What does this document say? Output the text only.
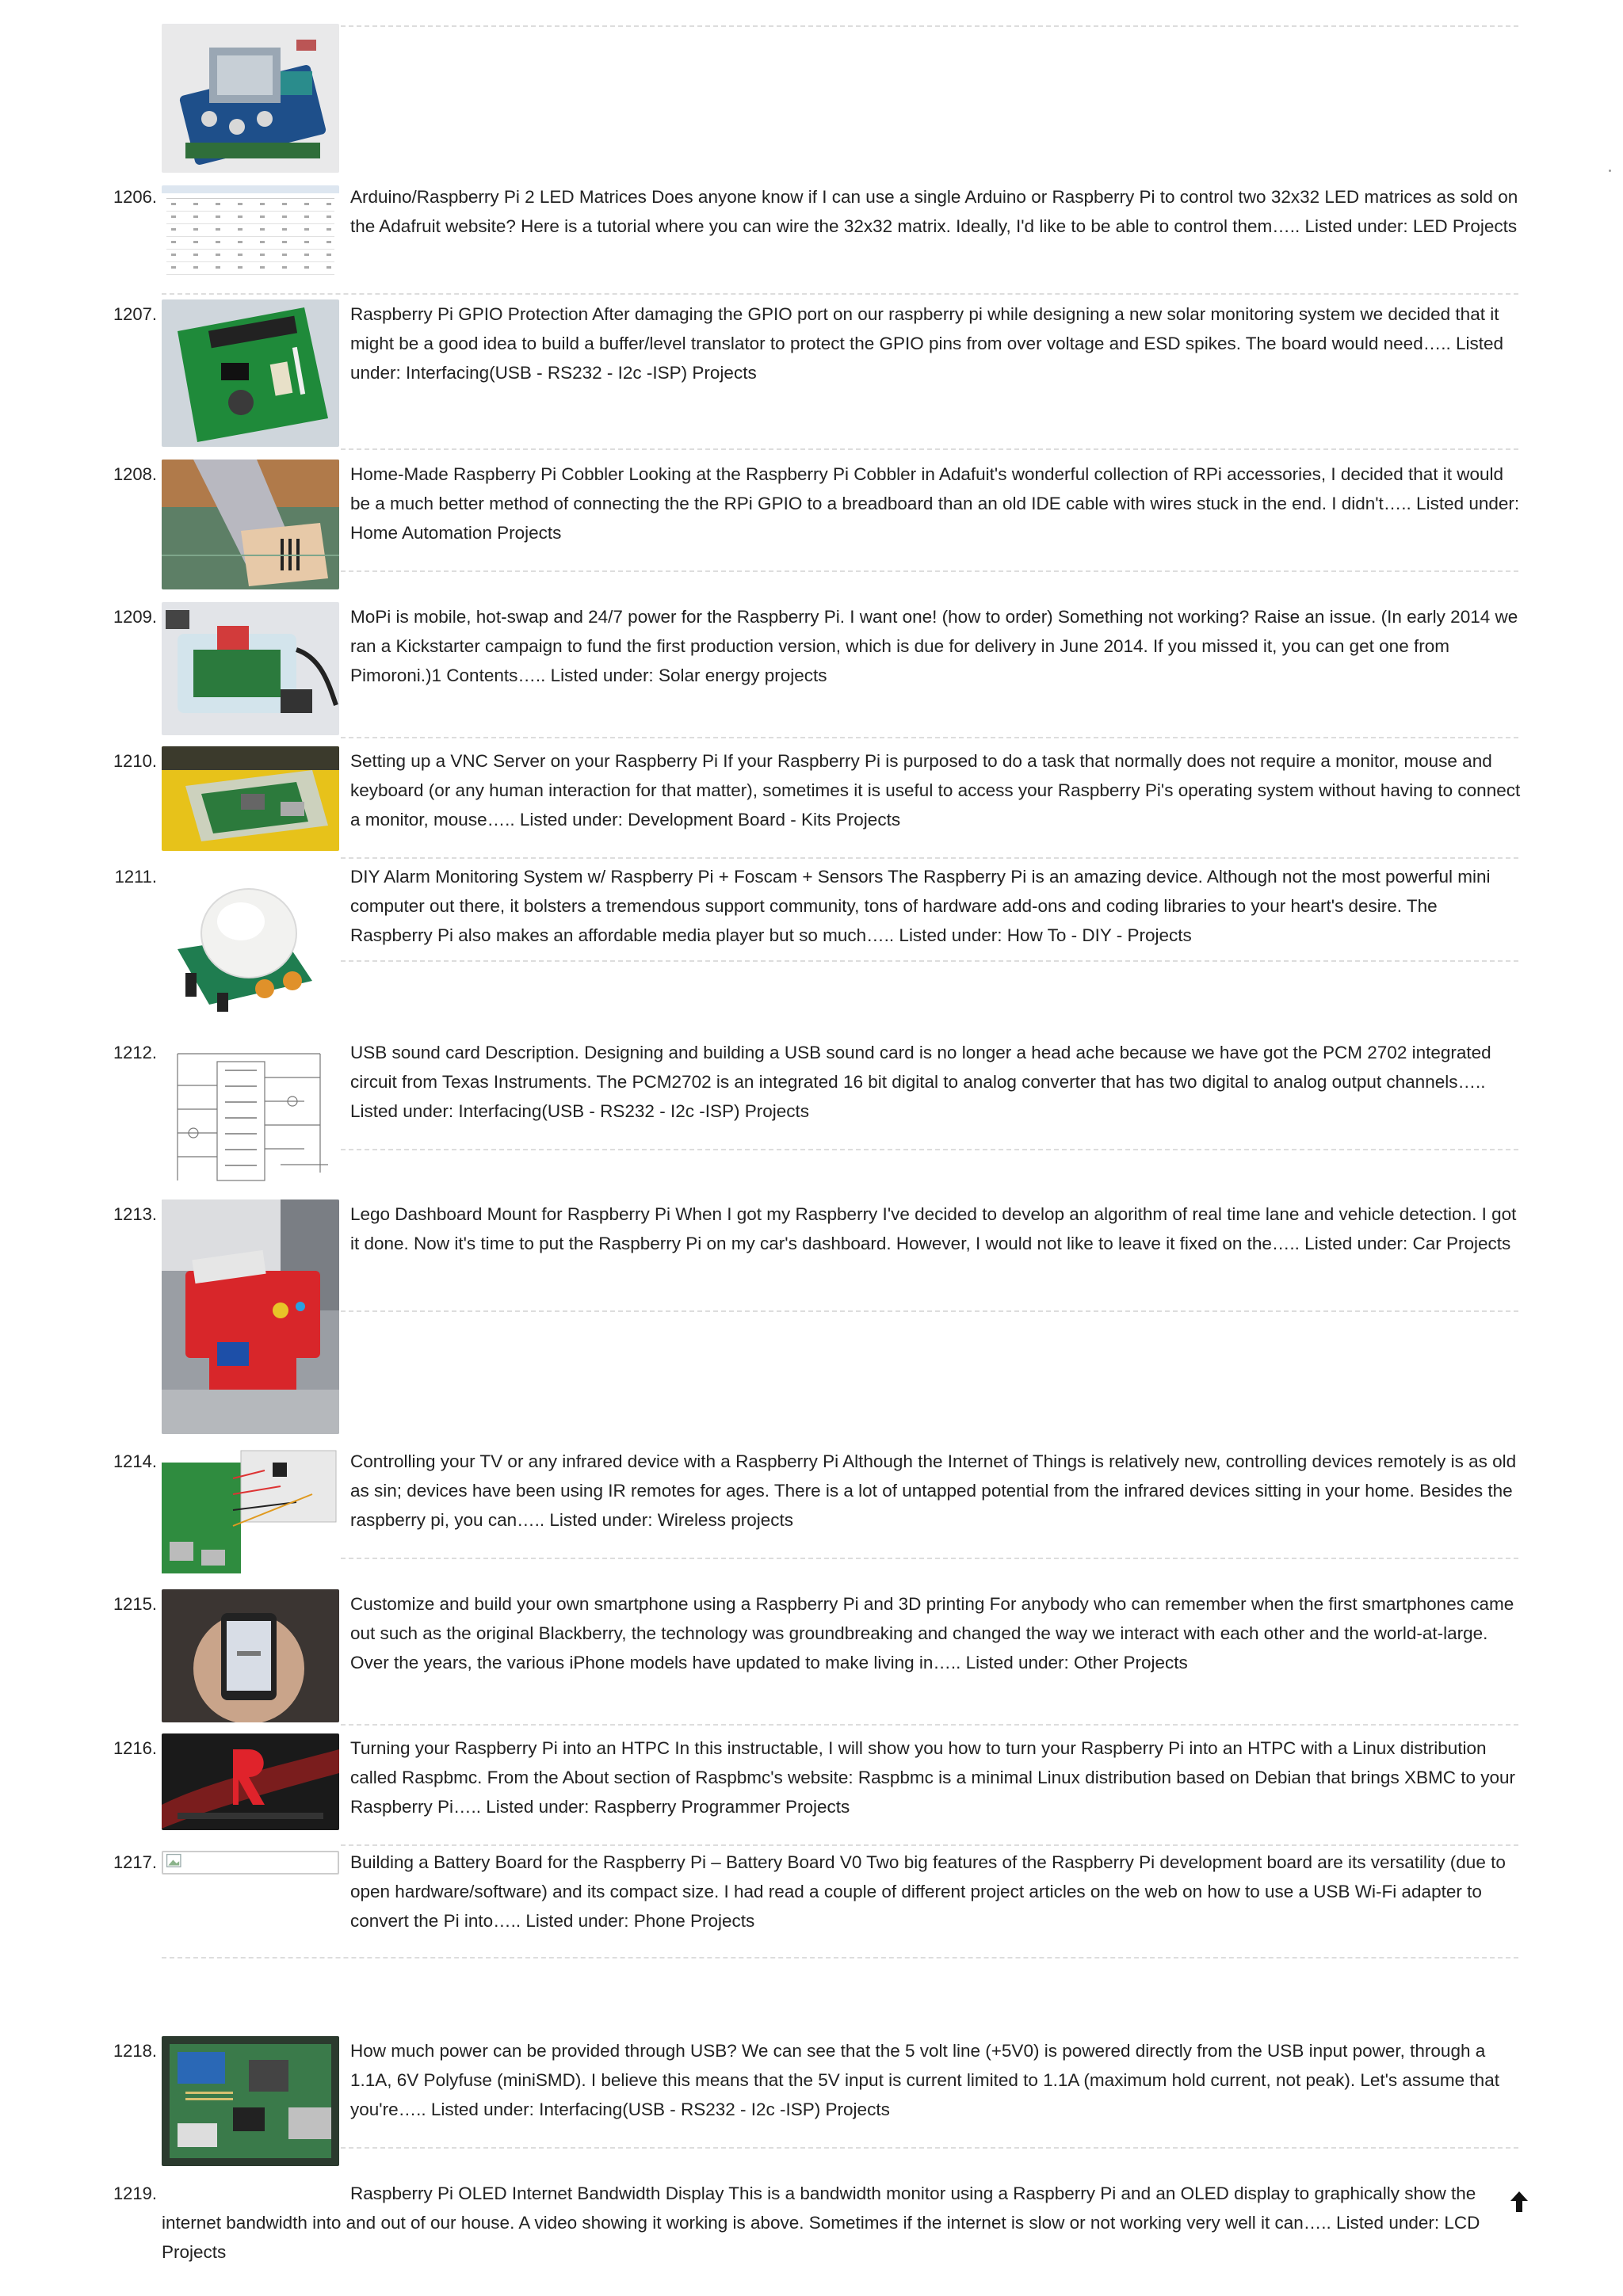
1206.	Arduino/Raspberry Pi 2 LED Matrices Does anyone know if I can use a single Arduino or Raspberry Pi to control two 32x32 LED matrices as sold on the Adafruit website? Here is a tutorial where you can wire the 32x32 matrix. Ideally, I'd like to be able to control them….. Listed under: LED Projects
1207.	Raspberry Pi GPIO Protection After damaging the GPIO port on our raspberry pi while designing a new solar monitoring system we decided that it might be a good idea to build a buffer/level translator to protect the GPIO pins from over voltage and ESD spikes. The board would need….. Listed under: Interfacing(USB - RS232 - I2c -ISP) Projects
1208.	Home-Made Raspberry Pi Cobbler Looking at the Raspberry Pi Cobbler in Adafuit's wonderful collection of RPi accessories, I decided that it would be a much better method of connecting the the RPi GPIO to a breadboard than an old IDE cable with wires stuck in the end. I didn't….. Listed under: Home Automation Projects
1209.	MoPi is mobile, hot-swap and 24/7 power for the Raspberry Pi. I want one! (how to order) Something not working? Raise an issue. (In early 2014 we ran a Kickstarter campaign to fund the first production version, which is due for delivery in June 2014. If you missed it, you can get one from Pimoroni.)1 Contents….. Listed under: Solar energy projects
1210.	Setting up a VNC Server on your Raspberry Pi If your Raspberry Pi is purposed to do a task that normally does not require a monitor, mouse and keyboard (or any human interaction for that matter), sometimes it is useful to access your Raspberry Pi's operating system without having to connect a monitor, mouse….. Listed under: Development Board - Kits Projects
1211.	DIY Alarm Monitoring System w/ Raspberry Pi + Foscam + Sensors The Raspberry Pi is an amazing device. Although not the most powerful mini computer out there, it bolsters a tremendous support community, tons of hardware add-ons and coding libraries to your heart's desire. The Raspberry Pi also makes an affordable media player but so much….. Listed under: How To - DIY - Projects
1212.	USB sound card Description. Designing and building a USB sound card is no longer a head ache because we have got the PCM 2702 integrated circuit from Texas Instruments. The PCM2702 is an integrated 16 bit digital to analog converter that has two digital to analog output channels….. Listed under: Interfacing(USB - RS232 - I2c -ISP) Projects
1213.	Lego Dashboard Mount for Raspberry Pi When I got my Raspberry I've decided to develop an algorithm of real time lane and vehicle detection. I got it done. Now it's time to put the Raspberry Pi on my car's dashboard. However, I would not like to leave it fixed on the….. Listed under: Car Projects
1214.	Controlling your TV or any infrared device with a Raspberry Pi Although the Internet of Things is relatively new, controlling devices remotely is as old as sin; devices have been using IR remotes for ages. There is a lot of untapped potential from the infrared devices sitting in your home. Besides the raspberry pi, you can….. Listed under: Wireless projects
1215.	Customize and build your own smartphone using a Raspberry Pi and 3D printing For anybody who can remember when the first smartphones came out such as the original Blackberry, the technology was groundbreaking and changed the way we interact with each other and the world-at-large. Over the years, the various iPhone models have updated to make living in….. Listed under: Other Projects
1216.	Turning your Raspberry Pi into an HTPC In this instructable, I will show you how to turn your Raspberry Pi into an HTPC with a Linux distribution called Raspbmc. From the About section of Raspbmc's website: Raspbmc is a minimal Linux distribution based on Debian that brings XBMC to your Raspberry Pi….. Listed under: Raspberry Programmer Projects
1217.	Building a Battery Board for the Raspberry Pi – Battery Board V0 Two big features of the Raspberry Pi development board are its versatility (due to open hardware/software) and its compact size. I had read a couple of different project articles on the web on how to use a USB Wi-Fi adapter to convert the Pi into….. Listed under: Phone Projects
1218.	How much power can be provided through USB? We can see that the 5 volt line (+5V0) is powered directly from the USB input power, through a 1.1A, 6V Polyfuse (miniSMD). I believe this means that the 5V input is current limited to 1.1A (maximum hold current, not peak). Let's assume that you're….. Listed under: Interfacing(USB - RS232 - I2c -ISP) Projects
1219.	Raspberry Pi OLED Internet Bandwidth Display This is a bandwidth monitor using a Raspberry Pi and an OLED display to graphically show the internet bandwidth into and out of our house. A video showing it working is above. Sometimes if the internet is slow or not working very well it can….. Listed under: LCD Projects
